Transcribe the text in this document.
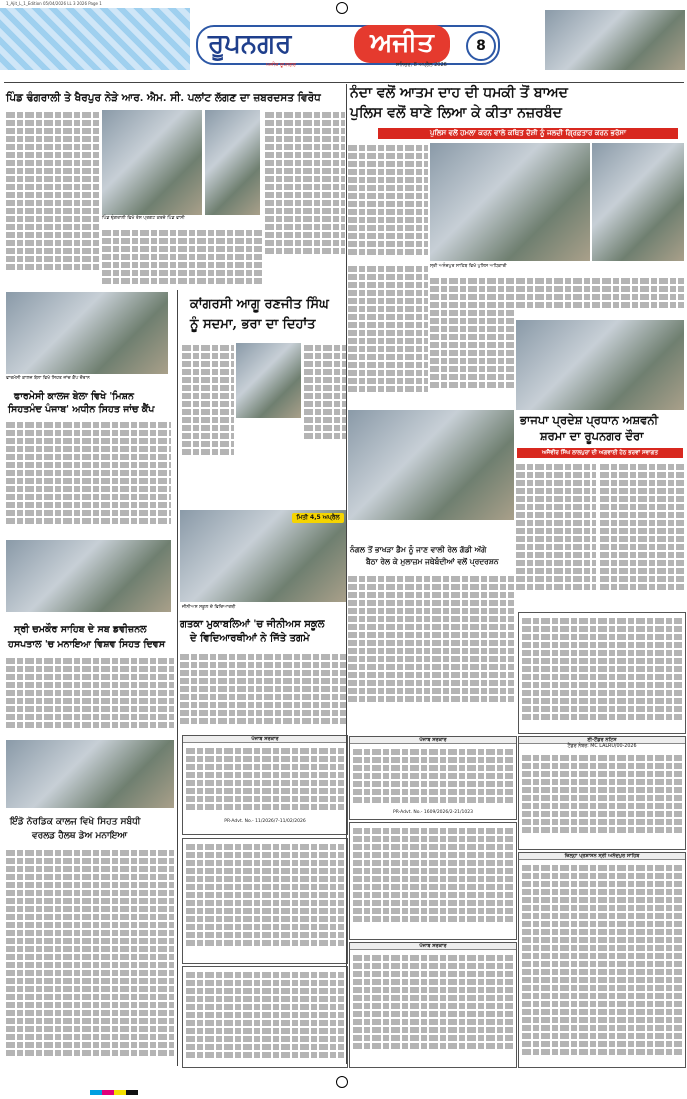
1_Ajit_L_1_Edition 05/04/2026 LL 3 2026 Page 1
ਰੂਪਨਗਰ	ਅਜੀਤ	8
ਅਜੀਤ ਰੂਪਨਗਰ	ਸ਼ਨਿਚਰ, 8 ਅਪ੍ਰੈਲ 2026
ਪਿੰਡ ਢੰਗਰਾਲੀ ਤੇ ਖੈਰਪੁਰ ਨੇੜੇ ਆਰ. ਐਮ. ਸੀ. ਪਲਾਂਟ ਲੱਗਣ ਦਾ ਜ਼ਬਰਦਸਤ ਵਿਰੋਧ	ਨੰਦਾ ਵਲੋਂ ਆਤਮ ਦਾਹ ਦੀ ਧਮਕੀ ਤੋਂ ਬਾਅਦ
ਪੁਲਿਸ ਵਲੋਂ ਥਾਣੇ ਲਿਆ ਕੇ ਕੀਤਾ ਨਜ਼ਰਬੰਦ
ਪੁਲਿਸ ਵਲੋਂ ਹਮਲਾ ਕਰਨ ਵਾਲੇ ਕਥਿਤ ਦੋਸ਼ੀ ਨੂੰ ਜਲਦੀ ਗ੍ਰਿਫ਼ਤਾਰ ਕਰਨ ਭਰੋਸਾ
ਪਿੰਡ ਢੰਗਰਾਲੀ ਵਿਖੇ ਰੋਸ ਪ੍ਰਗਟ ਕਰਦੇ ਪਿੰਡ ਵਾਸੀ
ਫਾਰਮੇਸੀ ਕਾਲਜ ਬੇਲਾ ਵਿਖੇ ਸਿਹਤ ਜਾਂਚ ਕੈਂਪ ਦੌਰਾਨ
ਫਾਰਮੇਸੀ ਕਾਲਜ ਬੇਲਾ ਵਿਖੇ 'ਮਿਸ਼ਨ
ਸਿਹਤਮੰਦ ਪੰਜਾਬ' ਅਧੀਨ ਸਿਹਤ ਜਾਂਚ ਕੈਂਪ
ਕਾਂਗਰਸੀ ਆਗੂ ਰਣਜੀਤ ਸਿੰਘ
ਨੂੰ ਸਦਮਾ, ਭਰਾ ਦਾ ਦਿਹਾਂਤ
ਮਿਤੀ 4,5 ਅਪ੍ਰੈਲ
ਜੀਨੀਅਸ ਸਕੂਲ ਦੇ ਵਿਦਿਆਰਥੀ
ਗਤਕਾ ਮੁਕਾਬਲਿਆਂ 'ਚ ਜੀਨੀਅਸ ਸਕੂਲ
ਦੇ ਵਿਦਿਆਰਥੀਆਂ ਨੇ ਜਿੱਤੇ ਤਗਮੇ
ਸ੍ਰੀ ਚਮਕੌਰ ਸਾਹਿਬ ਦੇ ਸਬ ਡਵੀਜ਼ਨਲ
ਹਸਪਤਾਲ 'ਚ ਮਨਾਇਆ ਵਿਸ਼ਵ ਸਿਹਤ ਦਿਵਸ
ਇੰਡੋ ਨੋਰਡਿਕ ਕਾਲਜ ਵਿਖੇ ਸਿਹਤ ਸਬੰਧੀ
ਵਰਲਡ ਹੈਲਥ ਡੇਅ ਮਨਾਇਆ
ਸ੍ਰੀ ਅਨੰਦਪੁਰ ਸਾਹਿਬ ਵਿਖੇ ਪੁਲਿਸ ਅਧਿਕਾਰੀ
ਭਾਜਪਾ ਪ੍ਰਦੇਸ਼ ਪ੍ਰਧਾਨ ਅਸ਼ਵਨੀ
ਸ਼ਰਮਾ ਦਾ ਰੂਪਨਗਰ ਦੌਰਾ
ਅਜੈਵੀਰ ਸਿੰਘ ਲਾਲਪੁਰਾ ਦੀ ਅਗਵਾਈ ਹੇਠ ਭਰਵਾਂ ਸਵਾਗਤ
ਨੰਗਲ ਤੋਂ ਭਾਖੜਾ ਡੈਮ ਨੂੰ ਜਾਣ ਵਾਲੀ ਰੇਲ ਗੱਡੀ ਅੱਗੇ
ਬੈਠਾ ਰੇਲ ਕੇ ਮੁਲਾਜ਼ਮ ਜਥੇਬੰਦੀਆਂ ਵਲੋਂ ਪ੍ਰਦਰਸ਼ਨ
ਪੰਜਾਬ ਸਰਕਾਰ
PR-Advt. No.- 11/2026/7-11/02/2026
ਪੰਜਾਬ ਸਰਕਾਰ
PR-Advt. No.- 1609/2026/2-21/1023
ਪੰਜਾਬ ਸਰਕਾਰ
ਈ-ਟੈਂਡਰ ਨੋਟਿਸ
ਟੈਂਡਰ ਨੰਬਰ: MC LALRU/00-2026
ਜ਼ਿਲ੍ਹਾ ਪ੍ਰਸ਼ਾਸਨ ਸ੍ਰੀ ਅਨੰਦਪੁਰ ਸਾਹਿਬ
